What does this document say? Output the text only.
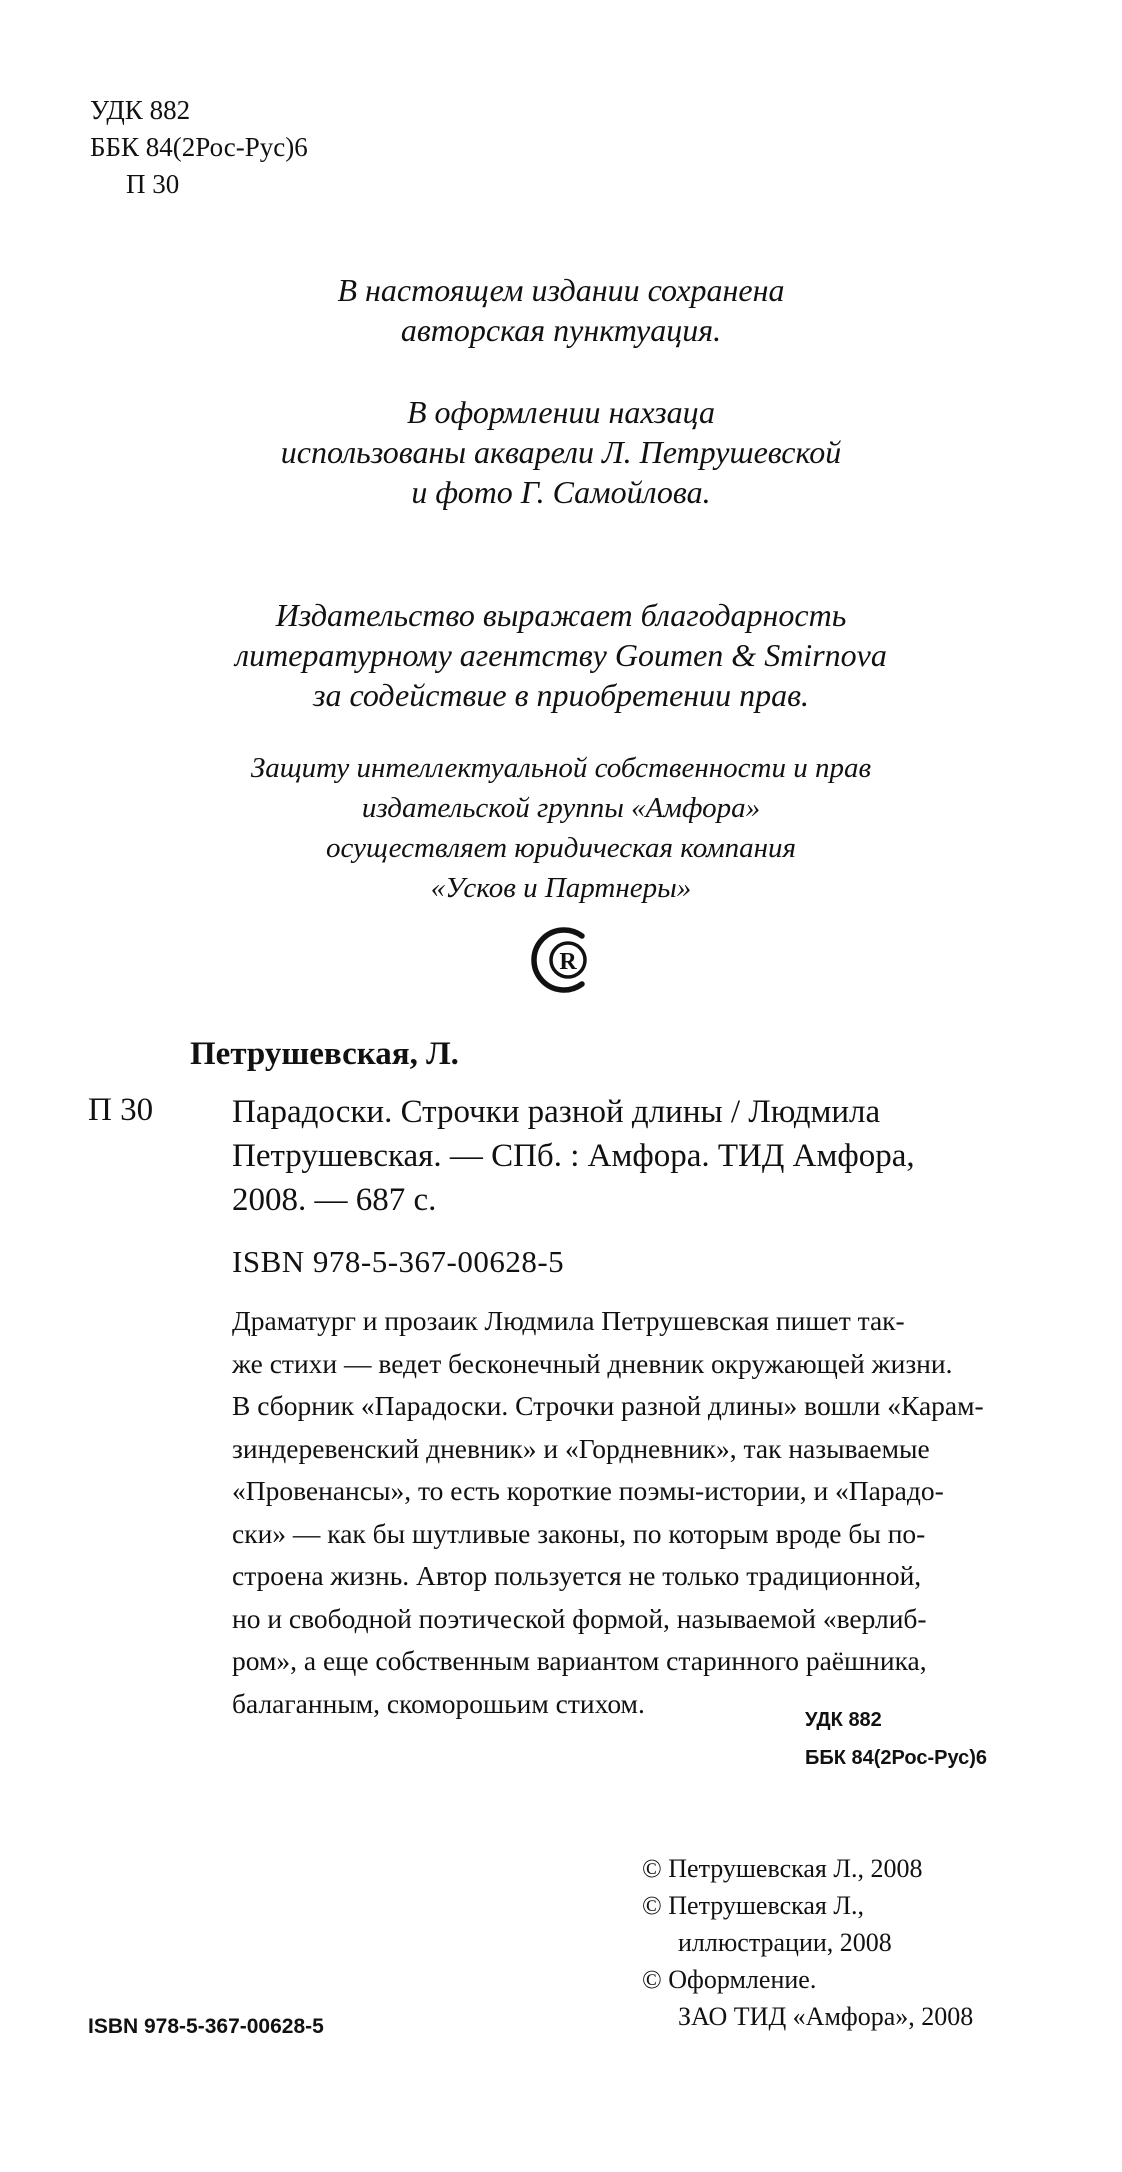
УДК 882
ББК 84(2Рос-Рус)6
П 30
В настоящем издании сохранена
авторская пунктуация.
В оформлении нахзаца
использованы акварели Л. Петрушевской
и фото Г. Самойлова.
Издательство выражает благодарность
литературному агентству Goumen & Smirnova
за содействие в приобретении прав.
Защиту интеллектуальной собственности и прав
издательской группы «Амфора»
осуществляет юридическая компания
«Усков и Партнеры»
R
Петрушевская, Л.
П 30 Парадоски. Строчки разной длины / Людмила
Петрушевская. — СПб. : Амфора. ТИД Амфора,
2008. — 687 с.
ISBN 978-5-367-00628-5
Драматург и прозаик Людмила Петрушевская пишет так-
же стихи — ведет бесконечный дневник окружающей жизни.
В сборник «Парадоски. Строчки разной длины» вошли «Карам-
зиндеревенский дневник» и «Гордневник», так называемые
«Провенансы», то есть короткие поэмы-истории, и «Парадо-
ски» — как бы шутливые законы, по которым вроде бы по-
строена жизнь. Автор пользуется не только традиционной,
но и свободной поэтической формой, называемой «верлиб-
ром», а еще собственным вариантом старинного раёшника,
балаганным, скоморошьим стихом.
УДК 882
ББК 84(2Рос-Рус)6
© Петрушевская Л., 2008
© Петрушевская Л.,
иллюстрации, 2008
© Оформление.
ЗАО ТИД «Амфора», 2008
ISBN 978-5-367-00628-5
